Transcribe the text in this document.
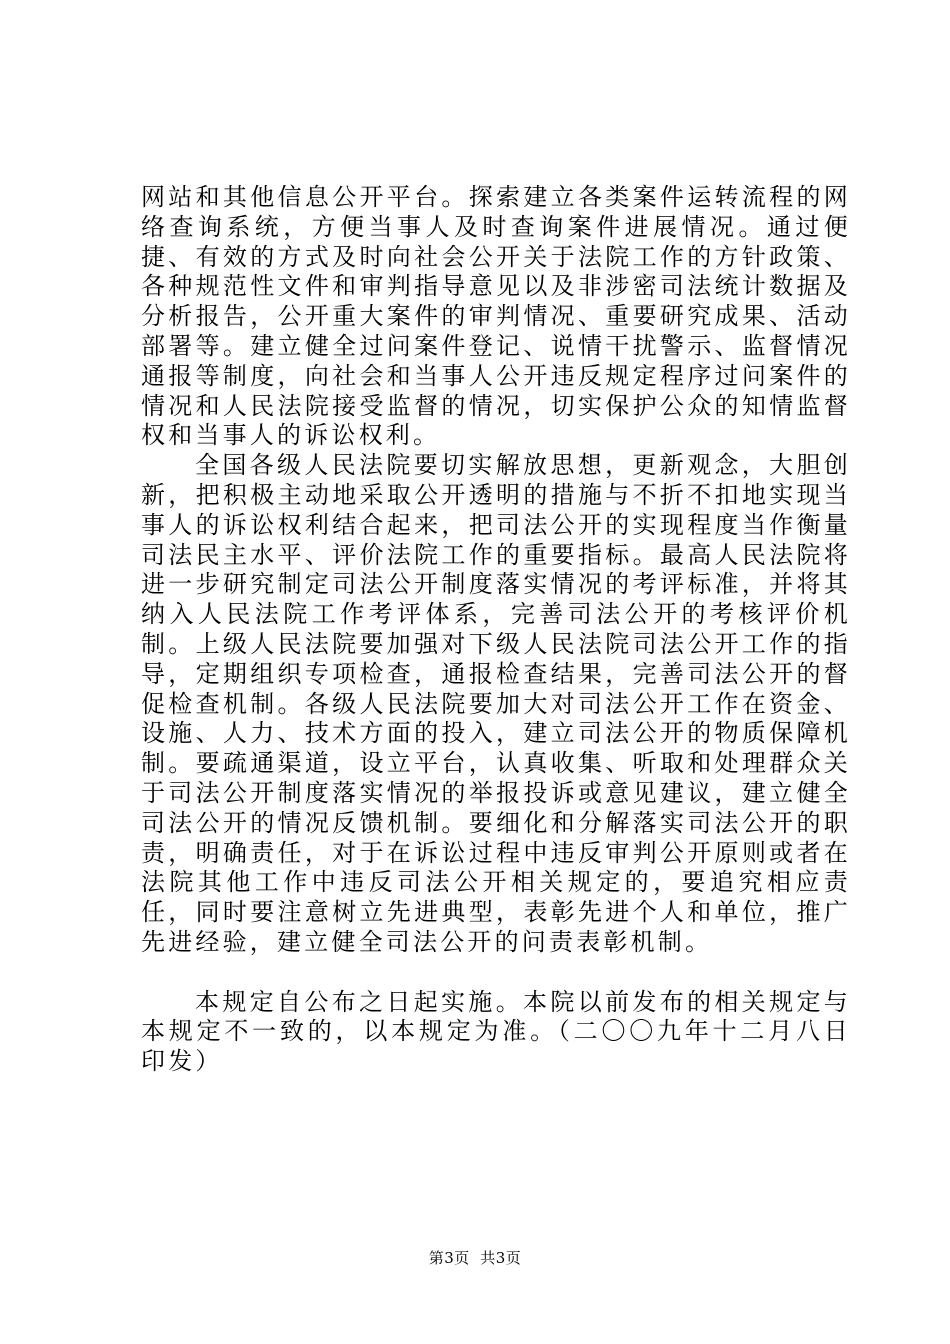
网站和其他信息公开平台。探索建立各类案件运转流程的网络查询系统，方便当事人及时查询案件进展情况。通过便捷、有效的方式及时向社会公开关于法院工作的方针政策、各种规范性文件和审判指导意见以及非涉密司法统计数据及分析报告，公开重大案件的审判情况、重要研究成果、活动部署等。建立健全过问案件登记、说情干扰警示、监督情况通报等制度，向社会和当事人公开违反规定程序过问案件的情况和人民法院接受监督的情况，切实保护公众的知情监督权和当事人的诉讼权利。

全国各级人民法院要切实解放思想，更新观念，大胆创新，把积极主动地采取公开透明的措施与不折不扣地实现当事人的诉讼权利结合起来，把司法公开的实现程度当作衡量司法民主水平、评价法院工作的重要指标。最高人民法院将进一步研究制定司法公开制度落实情况的考评标准，并将其纳入人民法院工作考评体系，完善司法公开的考核评价机制。上级人民法院要加强对下级人民法院司法公开工作的指导，定期组织专项检查，通报检查结果，完善司法公开的督促检查机制。各级人民法院要加大对司法公开工作在资金、设施、人力、技术方面的投入，建立司法公开的物质保障机制。要疏通渠道，设立平台，认真收集、听取和处理群众关于司法公开制度落实情况的举报投诉或意见建议，建立健全司法公开的情况反馈机制。要细化和分解落实司法公开的职责，明确责任，对于在诉讼过程中违反审判公开原则或者在法院其他工作中违反司法公开相关规定的，要追究相应责任，同时要注意树立先进典型，表彰先进个人和单位，推广先进经验，建立健全司法公开的问责表彰机制。

本规定自公布之日起实施。本院以前发布的相关规定与本规定不一致的，以本规定为准。（二〇〇九年十二月八日印发）

第3页  共3页
